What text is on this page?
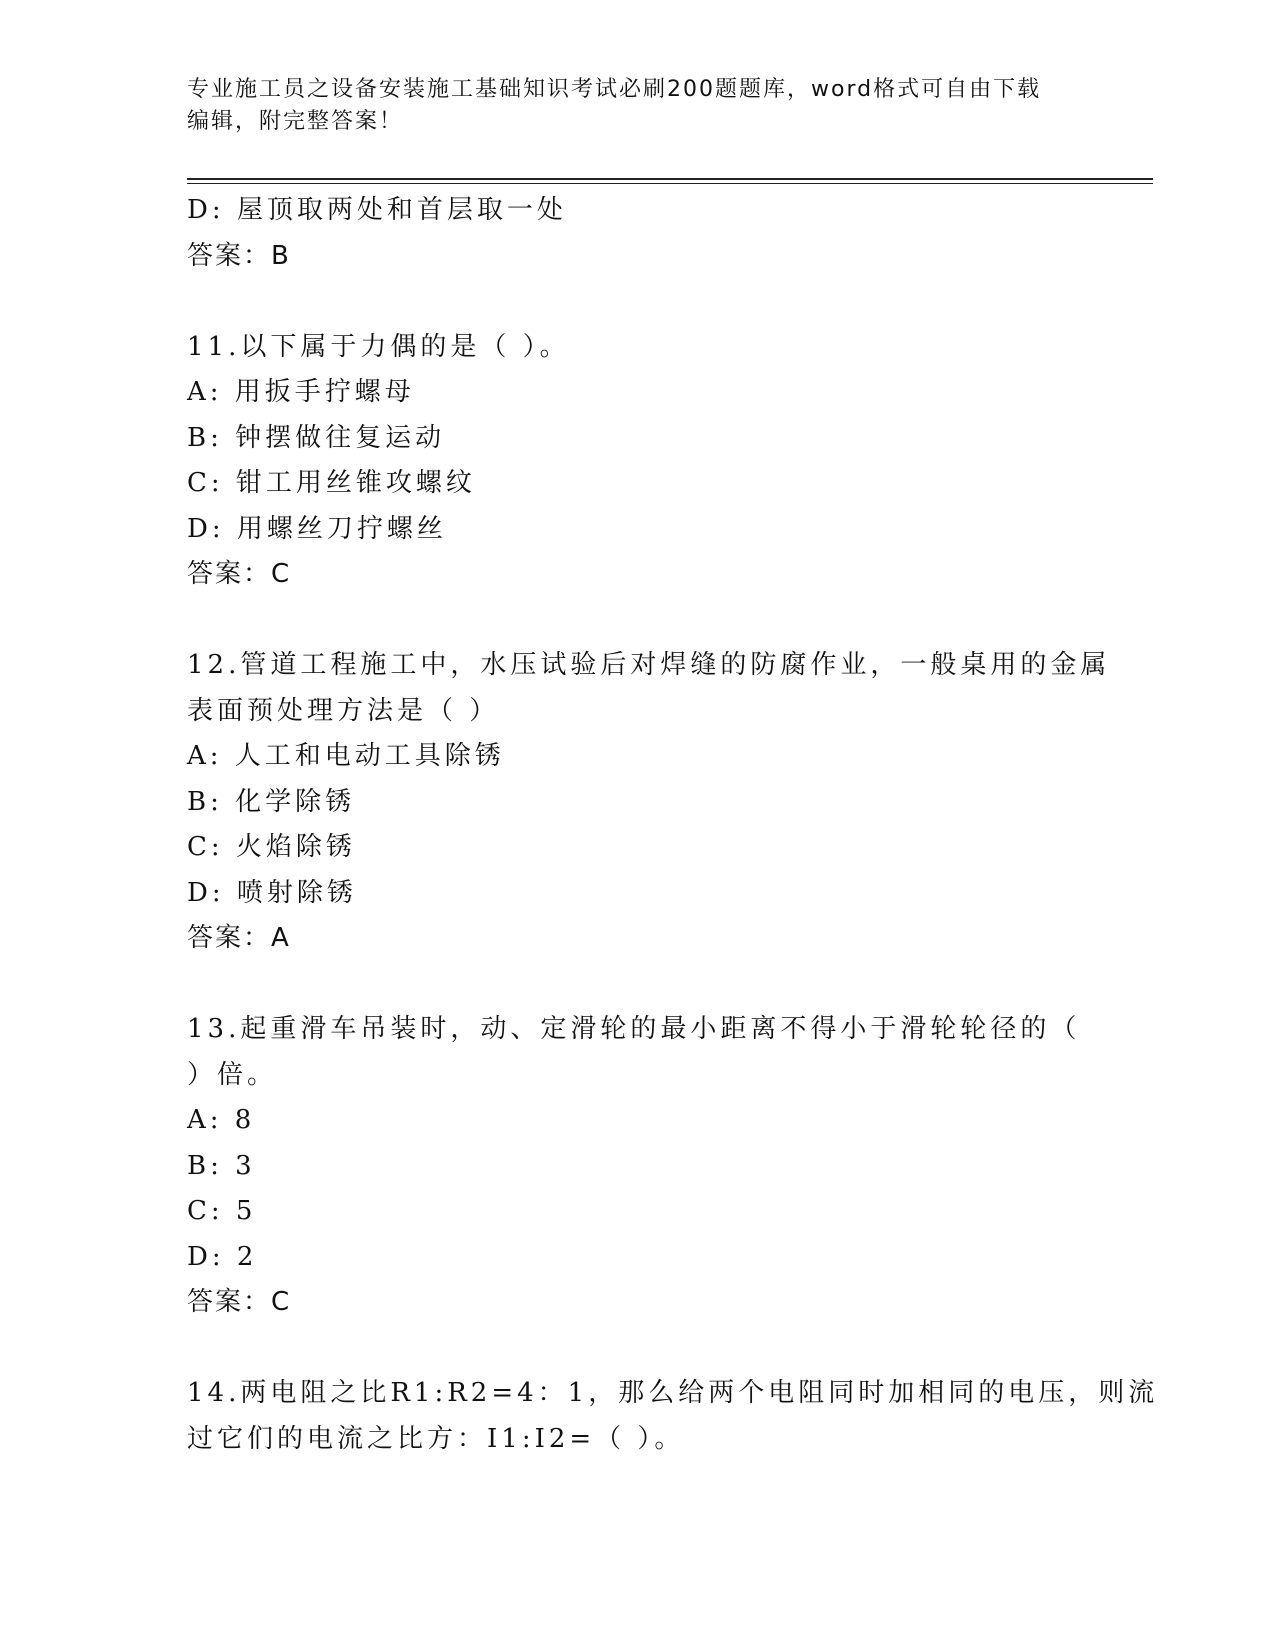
专业施工员之设备安装施工基础知识考试必刷200题题库，word格式可自由下载
编辑，附完整答案！
D: 屋顶取两处和首层取一处
答案：B
11.以下属于力偶的是（ ）。
A: 用扳手拧螺母
B: 钟摆做往复运动
C: 钳工用丝锥攻螺纹
D: 用螺丝刀拧螺丝
答案：C
12.管道工程施工中，水压试验后对焊缝的防腐作业，一般桌用的金属
表面预处理方法是（ ）
A: 人工和电动工具除锈
B: 化学除锈
C: 火焰除锈
D: 喷射除锈
答案：A
13.起重滑车吊装时，动、定滑轮的最小距离不得小于滑轮轮径的（
）倍。
A: 8
B: 3
C: 5
D: 2
答案：C
14.两电阻之比R1:R2=4：1，那么给两个电阻同时加相同的电压，则流
过它们的电流之比方：I1:I2=（ ）。
